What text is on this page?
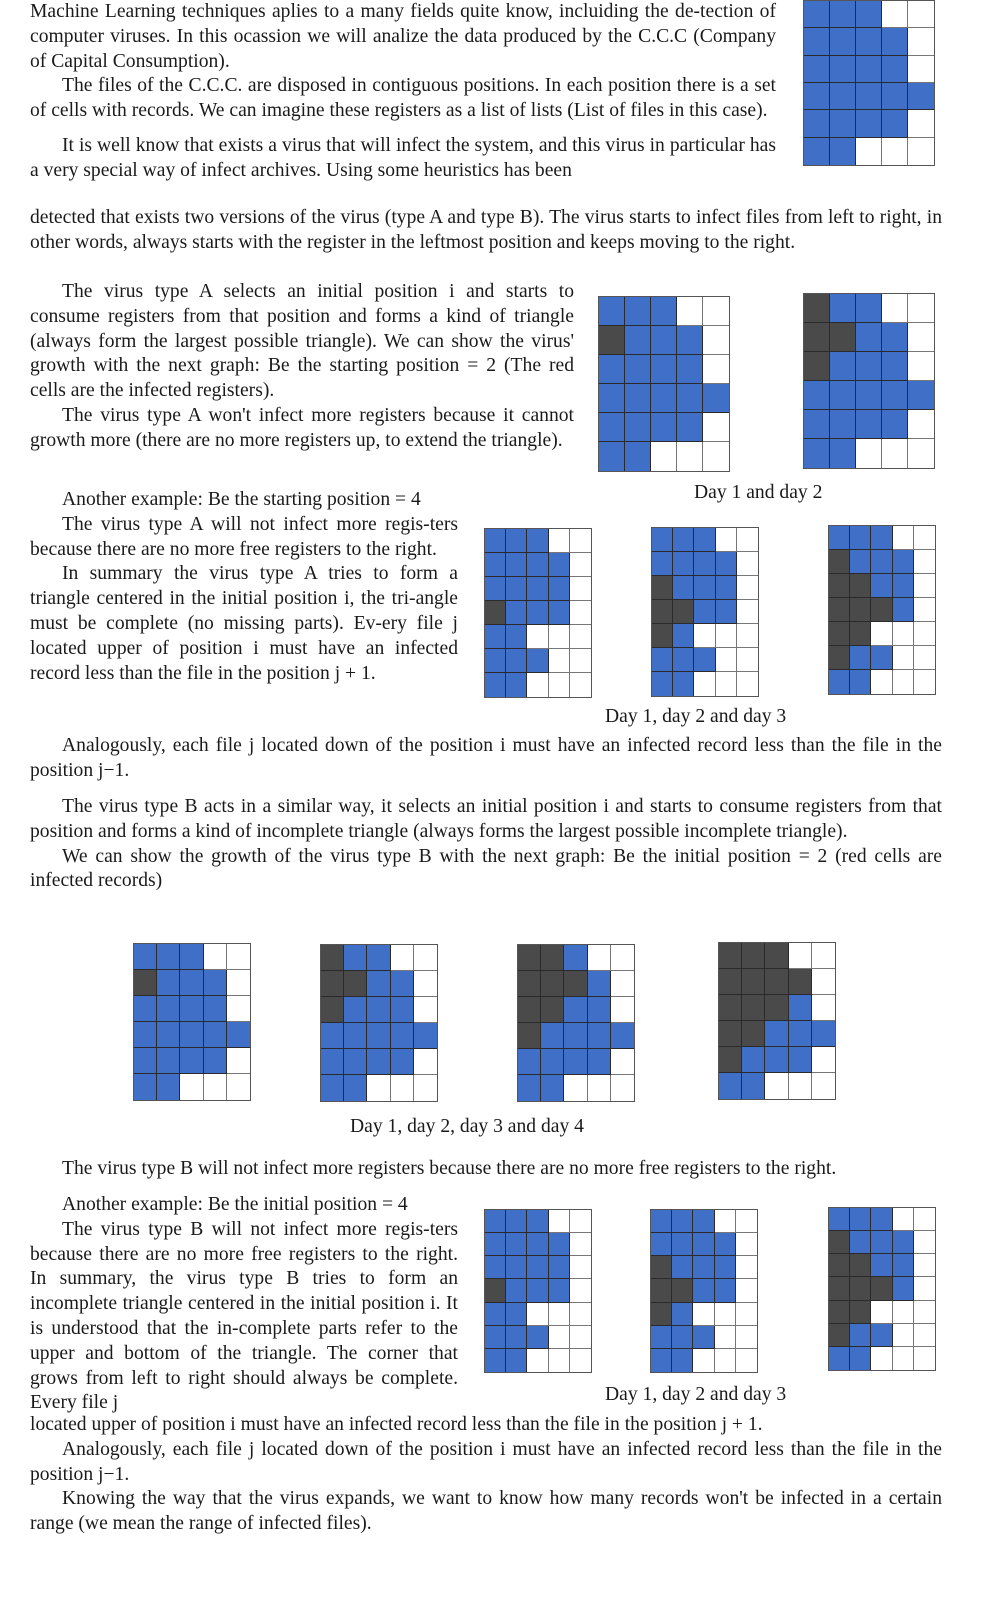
Machine Learning techniques aplies to a many fields quite know, incluiding the de-tection of computer viruses. In this ocassion we will analize the data produced by the C.C.C (Company of Capital Consumption).

The files of the C.C.C. are disposed in contiguous positions. In each position there is a set of cells with records. We can imagine these registers as a list of lists (List of files in this case).

It is well know that exists a virus that will infect the system, and this virus in particular has a very special way of infect archives. Using some heuristics has been

detected that exists two versions of the virus (type A and type B). The virus starts to infect files from left to right, in other words, always starts with the register in the leftmost position and keeps moving to the right.

The virus type A selects an initial position i and starts to consume registers from that position and forms a kind of triangle (always form the largest possible triangle). We can show the virus' growth with the next graph: Be the starting position = 2 (The red cells are the infected registers).

The virus type A won't infect more registers because it cannot growth more (there are no more registers up, to extend the triangle).

Day 1 and day 2

Another example: Be the starting position = 4

The virus type A will not infect more regis-ters because there are no more free registers to the right.

In summary the virus type A tries to form a triangle centered in the initial position i, the tri-angle must be complete (no missing parts). Ev-ery file j located upper of position i must have an infected record less than the file in the position j + 1.

Day 1, day 2 and day 3
Analogously, each file j located down of the position i must have an infected record less than the file in the position j−1.

The virus type B acts in a similar way, it selects an initial position i and starts to consume registers from that position and forms a kind of incomplete triangle (always forms the largest possible incomplete triangle).

We can show the growth of the virus type B with the next graph: Be the initial position = 2 (red cells are infected records)

Day 1, day 2, day 3 and day 4
The virus type B will not infect more registers because there are no more free registers to the right.

Another example: Be the initial position = 4

The virus type B will not infect more regis-ters because there are no more free registers to the right. In summary, the virus type B tries to form an incomplete triangle centered in the initial position i. It is understood that the in-complete parts refer to the upper and bottom of the triangle. The corner that grows from left to right should always be complete. Every file j	Day 1, day 2 and day 3

located upper of position i must have an infected record less than the file in the position j + 1.

Analogously, each file j located down of the position i must have an infected record less than the file in the position j−1.

Knowing the way that the virus expands, we want to know how many records won't be infected in a certain range (we mean the range of infected files).
